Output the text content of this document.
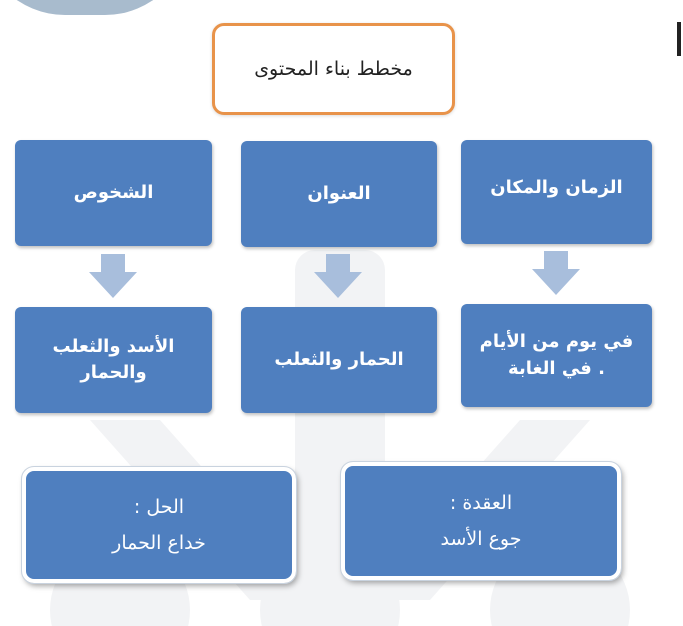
مخطط بناء المحتوى
الشخوص	العنوان	الزمان والمكان
الأسد والثعلب والحمار
الحمار والثعلب
في يوم من الأيام . في الغابة
الحل :
خداع الحمار
العقدة :
جوع الأسد
